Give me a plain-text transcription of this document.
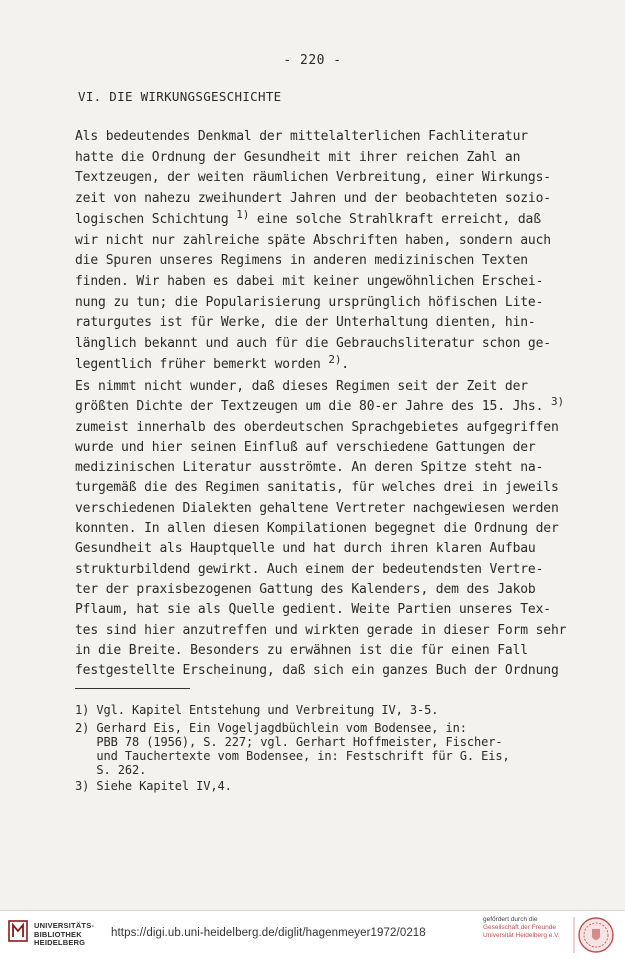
- 220 -
VI. DIE WIRKUNGSGESCHICHTE
Als bedeutendes Denkmal der mittelalterlichen Fachliteratur
hatte die Ordnung der Gesundheit mit ihrer reichen Zahl an
Textzeugen, der weiten räumlichen Verbreitung, einer Wirkungs-
zeit von nahezu zweihundert Jahren und der beobachteten sozio-
logischen Schichtung $^{1)}$ eine solche Strahlkraft erreicht, daß
wir nicht nur zahlreiche späte Abschriften haben, sondern auch
die Spuren unseres Regimens in anderen medizinischen Texten
finden. Wir haben es dabei mit keiner ungewöhnlichen Erschei-
nung zu tun; die Popularisierung ursprünglich höfischen Lite-
raturgutes ist für Werke, die der Unterhaltung dienten, hin-
länglich bekannt und auch für die Gebrauchsliteratur schon ge-
legentlich früher bemerkt worden $^{2)}$.
Es nimmt nicht wunder, daß dieses Regimen seit der Zeit der
größten Dichte der Textzeugen um die 80-er Jahre des 15. Jhs. $^{3)}$
zumeist innerhalb des oberdeutschen Sprachgebietes aufgegriffen
wurde und hier seinen Einfluß auf verschiedene Gattungen der
medizinischen Literatur ausströmte. An deren Spitze steht na-
turgemäß die des Regimen sanitatis, für welches drei in jeweils
verschiedenen Dialekten gehaltene Vertreter nachgewiesen werden
konnten. In allen diesen Kompilationen begegnet die Ordnung der
Gesundheit als Hauptquelle und hat durch ihren klaren Aufbau
strukturbildend gewirkt. Auch einem der bedeutendsten Vertre-
ter der praxisbezogenen Gattung des Kalenders, dem des Jakob
Pflaum, hat sie als Quelle gedient. Weite Partien unseres Tex-
tes sind hier anzutreffen und wirkten gerade in dieser Form sehr
in die Breite. Besonders zu erwähnen ist die für einen Fall
festgestellte Erscheinung, daß sich ein ganzes Buch der Ordnung
1) Vgl. Kapitel Entstehung und Verbreitung IV, 3-5.
2) Gerhard Eis, Ein Vogeljagdbüchlein vom Bodensee, in:
PBB 78 (1956), S. 227; vgl. Gerhart Hoffmeister, Fischer-
und Tauchertexte vom Bodensee, in: Festschrift für G. Eis,
S. 262.
3) Siehe Kapitel IV,4.
UNIVERSITÄTS-
BIBLIOTHEK
HEIDELBERG
https://digi.ub.uni-heidelberg.de/diglit/hagenmeyer1972/0218
gefördert durch die
Gesellschaft der Freunde
Universität Heidelberg e.V.
